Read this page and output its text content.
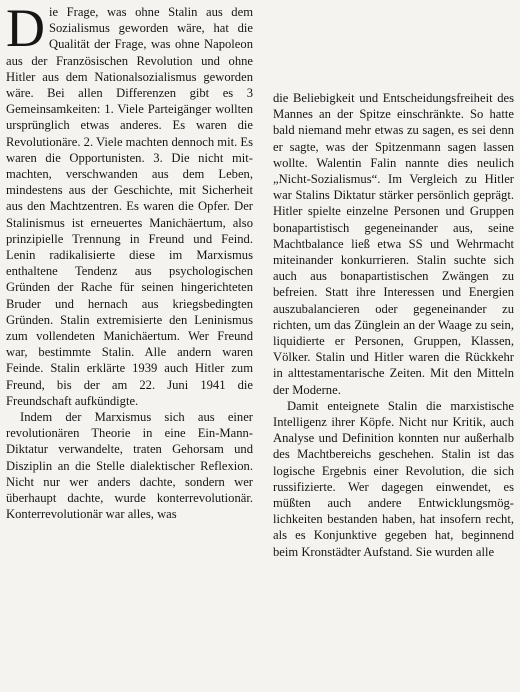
Die Frage, was ohne Stalin aus dem Sozialismus geworden wäre, hat die Qualität der Frage, was ohne Napoleon aus der Französischen Revolution und ohne Hitler aus dem Nationalsozialismus geworden wäre. Bei allen Differenzen gibt es 3 Gemeinsamkeiten: 1. Viele Parteigänger wollten ursprünglich etwas anderes. Es waren die Revolutionäre. 2. Viele machten dennoch mit. Es waren die Opportunisten. 3. Die nicht mitmachten, verschwanden aus dem Leben, mindestens aus der Geschichte, mit Sicherheit aus den Machtzentren. Es waren die Opfer. Der Stalinismus ist erneuertes Manichäertum, also prinzipielle Trennung in Freund und Feind. Lenin radikalisierte diese im Marxismus enthaltene Tendenz aus psychologischen Gründen der Rache für seinen hingerichteten Bruder und hernach aus kriegsbedingten Gründen. Stalin extremisierte den Leninismus zum vollendeten Manichäertum. Wer Freund war, bestimmte Stalin. Alle andern waren Feinde. Stalin erklärte 1939 auch Hitler zum Freund, bis der am 22. Juni 1941 die Freundschaft aufkündigte.

Indem der Marxismus sich aus einer revolutionären Theorie in eine Ein-Mann-Diktatur verwandelte, traten Gehorsam und Disziplin an die Stelle dialektischer Reflexion. Nicht nur wer anders dachte, sondern wer überhaupt dachte, wurde konterrevolutionär. Konterrevolutionär war alles, was

die Beliebigkeit und Entscheidungsfreiheit des Mannes an der Spitze einschränkte. So hatte bald niemand mehr etwas zu sagen, es sei denn er sagte, was der Spitzenmann sagen lassen wollte. Walentin Falin nannte dies neulich „Nicht-Sozialismus“. Im Vergleich zu Hitler war Stalins Diktatur stärker persönlich geprägt. Hitler spielte einzelne Personen und Gruppen bonapartistisch gegeneinander aus, seine Machtbalance ließ etwa SS und Wehrmacht miteinander konkurrieren. Stalin suchte sich auch aus bonapartistischen Zwängen zu befreien. Statt ihre Interessen und Energien auszubalancieren oder gegeneinander zu richten, um das Zünglein an der Waage zu sein, liquidierte er Personen, Gruppen, Klassen, Völker. Stalin und Hitler waren die Rückkehr in alttestamentarische Zeiten. Mit den Mitteln der Moderne.

Damit enteignete Stalin die marxistische Intelligenz ihrer Köpfe. Nicht nur Kritik, auch Analyse und Definition konnten nur außerhalb des Machtbereichs geschehen. Stalin ist das logische Ergebnis einer Revolution, die sich russifizierte. Wer dagegen einwendet, es müßten auch andere Entwicklungsmöglichkeiten bestanden haben, hat insofern recht, als es Konjunktive gegeben hat, beginnend beim Kronstädter Aufstand. Sie wurden alle
